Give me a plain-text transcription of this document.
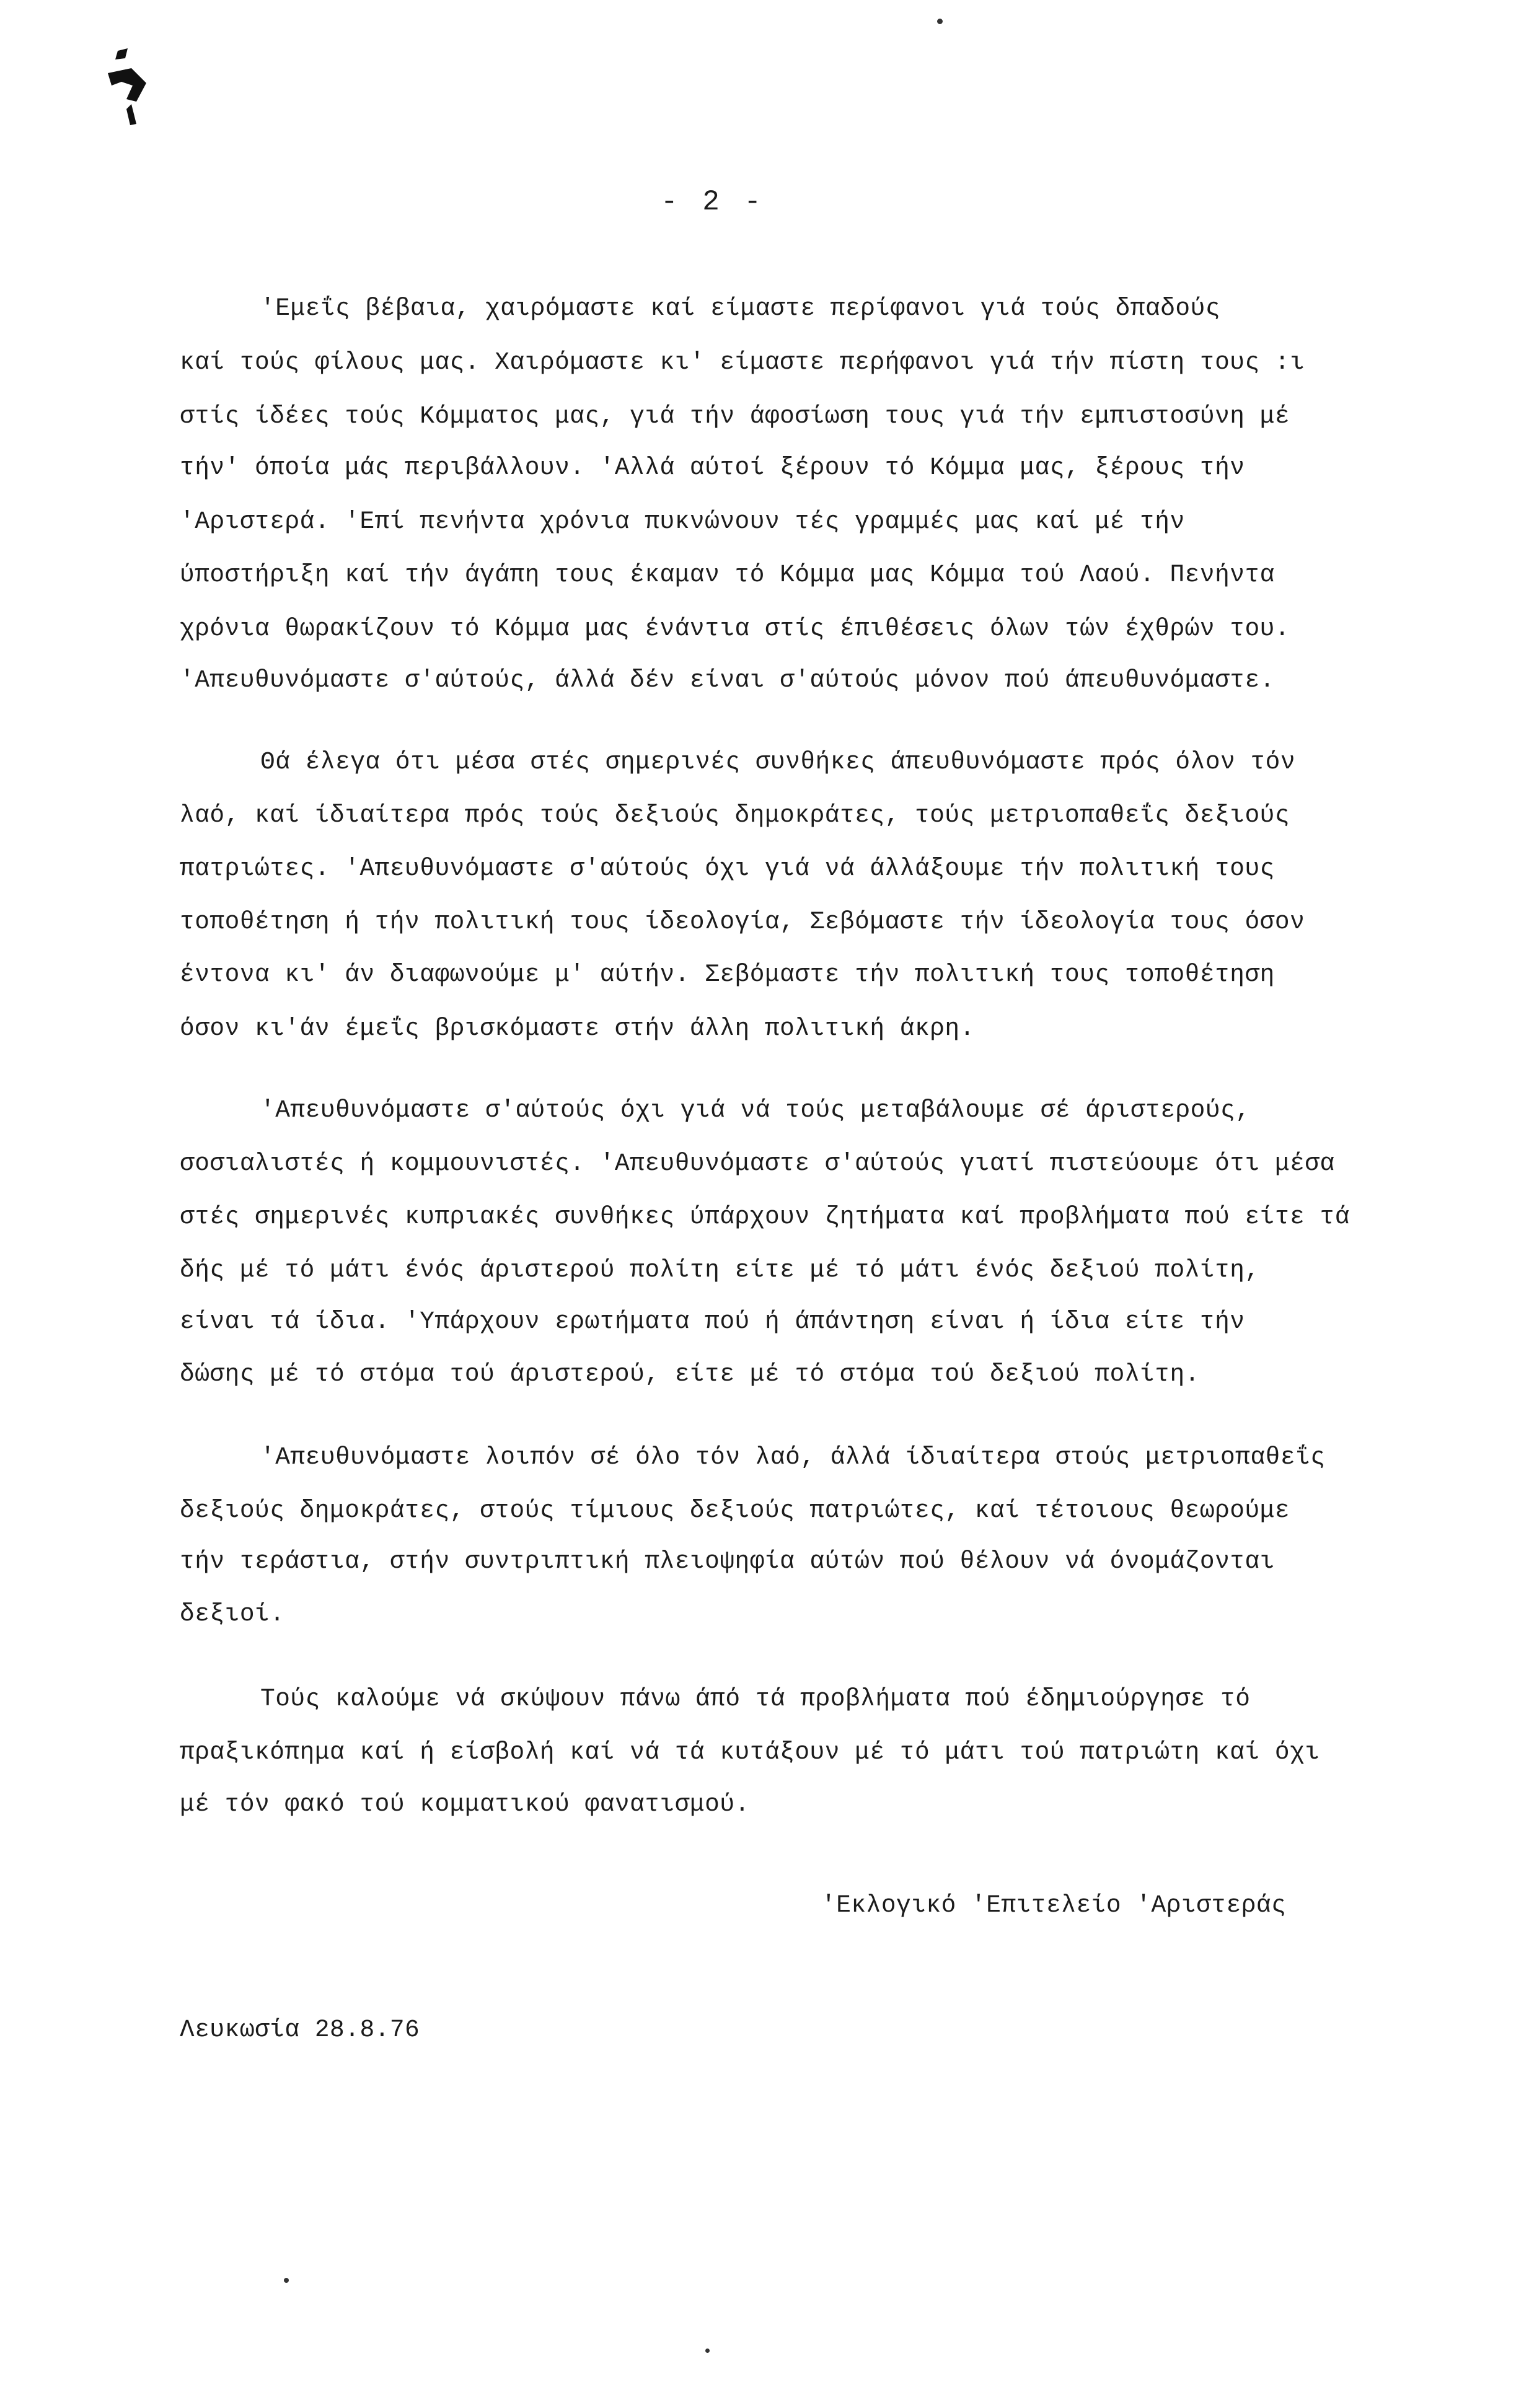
- 2 -
'Εμεΐς βέβαια, χαιρόμαστε καί είμαστε περίφανοι γιά τούς δπαδούς
καί τούς φίλους μας. Χαιρόμαστε κι' είμαστε περήφανοι γιά τήν πίστη τους :ι
στίς ίδέες τούς Κόμματος μας, γιά τήν άφοσίωση τους γιά τήν εμπιστοσύνη μέ
τήν' όποία μάς περιβάλλουν. 'Αλλά αύτοί ξέρουν τό Κόμμα μας, ξέρους τήν
'Αριστερά. 'Επί πενήντα χρόνια πυκνώνουν τές γραμμές μας καί μέ τήν
ύποστήριξη καί τήν άγάπη τους έκαμαν τό Κόμμα μας Κόμμα τού Λαού. Πενήντα
χρόνια θωρακίζουν τό Κόμμα μας ένάντια στίς έπιθέσεις όλων τών έχθρών του.
'Απευθυνόμαστε σ'αύτούς, άλλά δέν είναι σ'αύτούς μόνον πού άπευθυνόμαστε.
Θά έλεγα ότι μέσα στές σημερινές συνθήκες άπευθυνόμαστε πρός όλον τόν
λαό, καί ίδιαίτερα πρός τούς δεξιούς δημοκράτες, τούς μετριοπαθεΐς δεξιούς
πατριώτες. 'Απευθυνόμαστε σ'αύτούς όχι γιά νά άλλάξουμε τήν πολιτική τους
τοποθέτηση ή τήν πολιτική τους ίδεολογία, Σεβόμαστε τήν ίδεολογία τους όσον
έντονα κι' άν διαφωνούμε μ' αύτήν. Σεβόμαστε τήν πολιτική τους τοποθέτηση
όσον κι'άν έμεΐς βρισκόμαστε στήν άλλη πολιτική άκρη.
'Απευθυνόμαστε σ'αύτούς όχι γιά νά τούς μεταβάλουμε σέ άριστερούς,
σοσιαλιστές ή κομμουνιστές. 'Απευθυνόμαστε σ'αύτούς γιατί πιστεύουμε ότι μέσα
στές σημερινές κυπριακές συνθήκες ύπάρχουν ζητήματα καί προβλήματα πού είτε τά
δής μέ τό μάτι ένός άριστερού πολίτη είτε μέ τό μάτι ένός δεξιού πολίτη,
είναι τά ίδια. 'Υπάρχουν ερωτήματα πού ή άπάντηση είναι ή ίδια είτε τήν
δώσης μέ τό στόμα τού άριστερού, είτε μέ τό στόμα τού δεξιού πολίτη.
'Απευθυνόμαστε λοιπόν σέ όλο τόν λαό, άλλά ίδιαίτερα στούς μετριοπαθεΐς
δεξιούς δημοκράτες, στούς τίμιους δεξιούς πατριώτες, καί τέτοιους θεωρούμε
τήν τεράστια, στήν συντριπτική πλειοψηφία αύτών πού θέλουν νά όνομάζονται
δεξιοί.
Τούς καλούμε νά σκύψουν πάνω άπό τά προβλήματα πού έδημιούργησε τό
πραξικόπημα καί ή είσβολή καί νά τά κυτάξουν μέ τό μάτι τού πατριώτη καί όχι
μέ τόν φακό τού κομματικού φανατισμού.
'Εκλογικό 'Επιτελείο 'Αριστεράς
Λευκωσία 28.8.76
